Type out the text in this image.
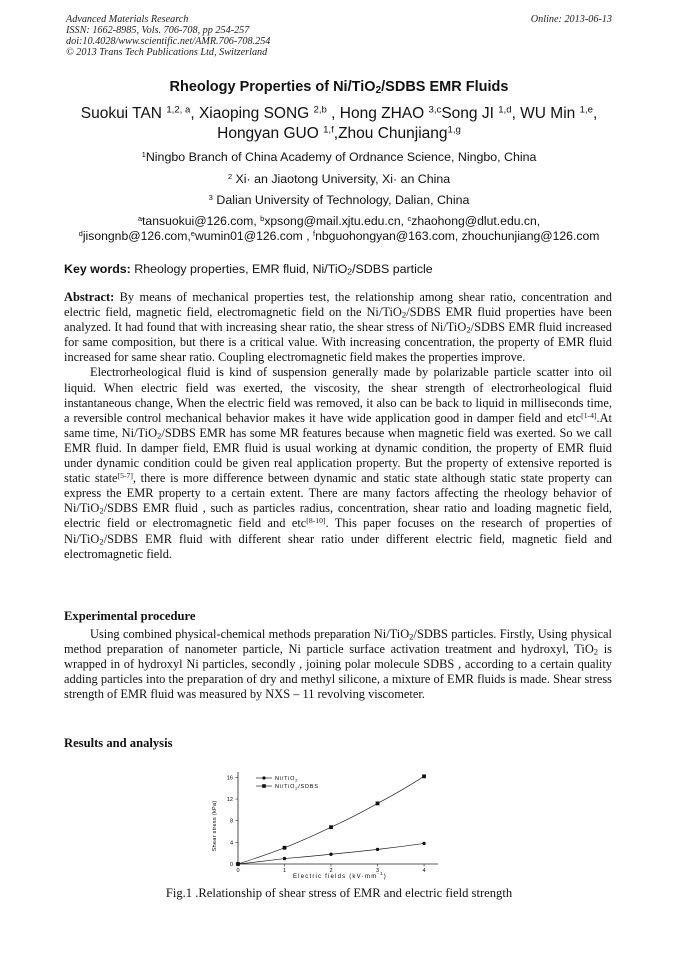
Advanced Materials Research
ISSN: 1662-8985, Vols. 706-708, pp 254-257
doi:10.4028/www.scientific.net/AMR.706-708.254
© 2013 Trans Tech Publications Ltd, Switzerland
Online: 2013-06-13
Rheology Properties of Ni/TiO$_2$/SDBS EMR Fluids
Suokui TAN $^{1,2, a}$, Xiaoping SONG $^{2,b}$ , Hong ZHAO $^{3,c}$Song JI $^{1,d}$, WU Min $^{1,e}$,
Hongyan GUO $^{1,f}$,Zhou Chunjiang$^{1,g}$
$^1$Ningbo Branch of China Academy of Ordnance Science, Ningbo, China
$^2$ Xi· an Jiaotong University, Xi· an China
$^3$ Dalian University of Technology, Dalian, China
$^a$tansuokui@126.com, $^b$xpsong@mail.xjtu.edu.cn, $^c$zhaohong@dlut.edu.cn,
$^d$jisongnb@126.com,$^e$wumin01@126.com , $^f$nbguohongyan@163.com, zhouchunjiang@126.com
Key words: Rheology properties, EMR fluid, Ni/TiO$_2$/SDBS particle

Abstract: By means of mechanical properties test, the relationship among shear ratio, concentration and electric field, magnetic field, electromagnetic field on the Ni/TiO$_2$/SDBS EMR fluid properties have been analyzed. It had found that with increasing shear ratio, the shear stress of Ni/TiO$_2$/SDBS EMR fluid increased for same composition, but there is a critical value. With increasing concentration, the property of EMR fluid increased for same shear ratio. Coupling electromagnetic field makes the properties improve.

Electrorheological fluid is kind of suspension generally made by polarizable particle scatter into oil liquid. When electric field was exerted, the viscosity, the shear strength of electrorheological fluid instantaneous change, When the electric field was removed, it also can be back to liquid in milliseconds time, a reversible control mechanical behavior makes it have wide application good in damper field and etc[1-4].At same time, Ni/TiO$_2$/SDBS EMR has some MR features because when magnetic field was exerted. So we call EMR fluid. In damper field, EMR fluid is usual working at dynamic condition, the property of EMR fluid under dynamic condition could be given real application property. But the property of extensive reported is static state[5-7], there is more difference between dynamic and static state although static state property can express the EMR property to a certain extent. There are many factors affecting the rheology behavior of Ni/TiO$_2$/SDBS EMR fluid , such as particles radius, concentration, shear ratio and loading magnetic field, electric field or electromagnetic field and etc[8-10]. This paper focuses on the research of properties of Ni/TiO$_2$/SDBS EMR fluid with different shear ratio under different electric field, magnetic field and electromagnetic field.

Experimental procedure

Using combined physical-chemical methods preparation Ni/TiO$_2$/SDBS particles. Firstly, Using physical method preparation of nanometer particle, Ni particle surface activation treatment and hydroxyl, TiO$_2$ is wrapped in of hydroxyl Ni particles, secondly , joining polar molecule SDBS , according to a certain quality adding particles into the preparation of dry and methyl silicone, a mixture of EMR fluids is made. Shear stress strength of EMR fluid was measured by NXS – 11 revolving viscometer.

Results and analysis
0	1	2	3	4
0
4
8
12
16	Ni/TiO$_2$
Ni/TiO$_2$/SDBS
Shear stress (kPa)
Electric fields $(kV\cdot mm^{-1})$
Fig.1 .Relationship of shear stress of EMR and electric field strength
